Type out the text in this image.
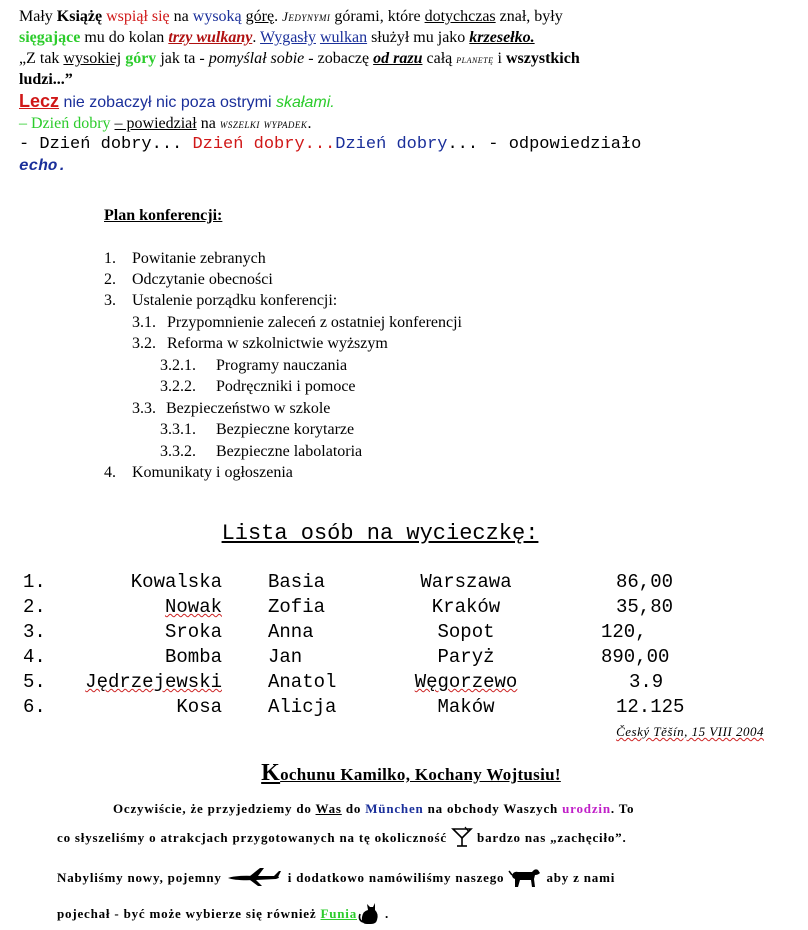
Mały Książę wspiął się na wysoką górę. Jedynymi górami, które dotychczas znał, były
sięgające mu do kolan trzy wulkany. Wygasły wulkan służył mu jako krzesełko.
„Z tak wysokiej góry jak ta - pomyślał sobie - zobaczę od razu całą planetę i wszystkich
ludzi...”
Lecz nie zobaczył nic poza ostrymi skałami.
– Dzień dobry – powiedział na wszelki wypadek.
- Dzień dobry... Dzień dobry...Dzień dobry... - odpowiedziało
echo.
Plan konferencji:
1. Powitanie zebranych
2. Odczytanie obecności
3. Ustalenie porządku konferencji:
3.1. Przypomnienie zaleceń z ostatniej konferencji
3.2. Reforma w szkolnictwie wyższym
3.2.1. Programy nauczania
3.2.2. Podręczniki i pomoce
3.3. Bezpieczeństwo w szkole
3.3.1. Bezpieczne korytarze
3.3.2. Bezpieczne labolatoria
4. Komunikaty i ogłoszenia
Lista osób na wycieczkę:
1.	Kowalska Basia	Warszawa	86,00
2.	Nowak Zofia	Kraków	35,80
3.	Sroka Anna	Sopot	120,
4.	Bomba Jan	Paryż	890,00
5. Jędrzejewski Anatol	Węgorzewo	3.9
6.	Kosa Alicja	Maków	12.125
Český Těšín, 15 VIII 2004
Kochunu Kamilko, Kochany Wojtusiu!
Oczywiście, że przyjedziemy do Was do München na obchody Waszych urodzin. To
co słyszeliśmy o atrakcjach przygotowanych na tę okoliczność  bardzo nas „zachęciło”.
Nabyliśmy nowy, pojemny	i dodatkowo namówiliśmy naszego	aby z nami
pojechał - być może wybierze się również Funia .
